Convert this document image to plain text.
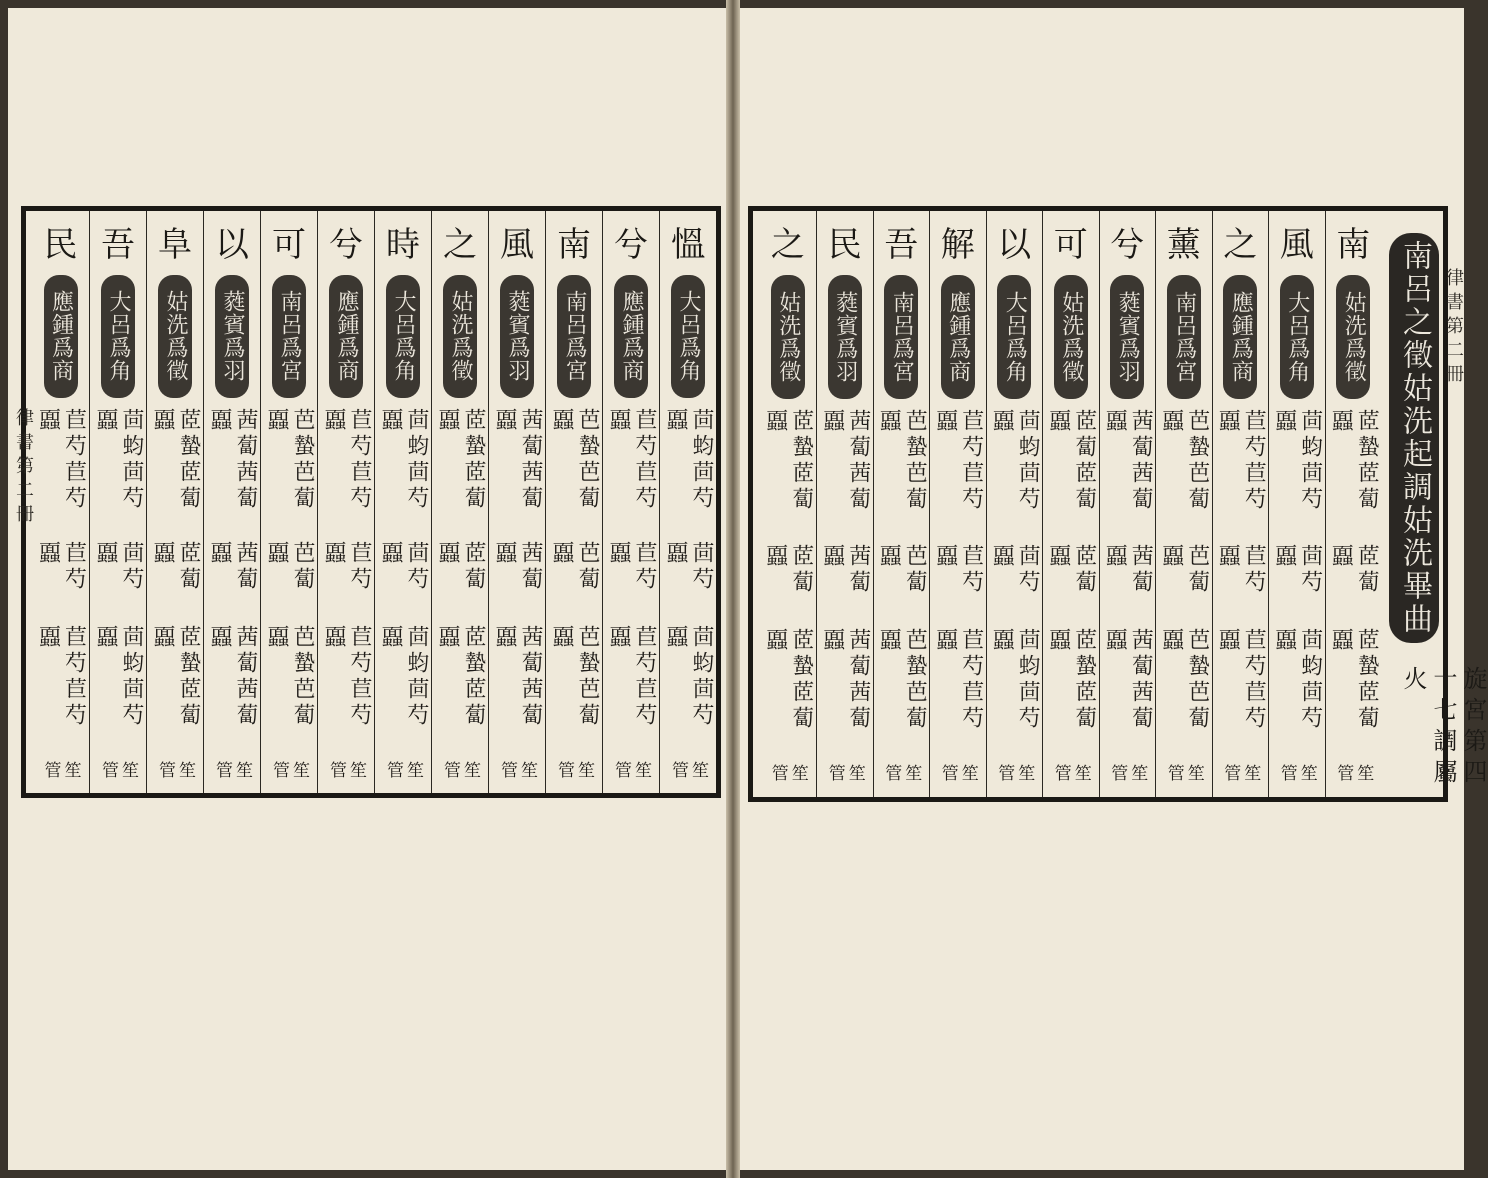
慍
大呂爲角
茴蚐茴芍蠠
茴芍蠠
茴蚐茴芍蠠
笙管
兮
應鍾爲商
苣芍苣芍蠠
苣芍蠠
苣芍苣芍蠠
笙管
南
南呂爲宮
芭蟄芭蔔蠠
芭蔔蠠
芭蟄芭蔔蠠
笙管
風
蕤賓爲羽
茜蔔茜蔔蠠
茜蔔蠠
茜蔔茜蔔蠠
笙管
之
姑洗爲徵
茝蟄茝蔔蠠
茝蔔蠠
茝蟄茝蔔蠠
笙管
時
大呂爲角
茴蚐茴芍蠠
茴芍蠠
茴蚐茴芍蠠
笙管
兮
應鍾爲商
苣芍苣芍蠠
苣芍蠠
苣芍苣芍蠠
笙管
可
南呂爲宮
芭蟄芭蔔蠠
芭蔔蠠
芭蟄芭蔔蠠
笙管
以
蕤賓爲羽
茜蔔茜蔔蠠
茜蔔蠠
茜蔔茜蔔蠠
笙管
阜
姑洗爲徵
茝蟄茝蔔蠠
茝蔔蠠
茝蟄茝蔔蠠
笙管
吾
大呂爲角
茴蚐茴芍蠠
茴芍蠠
茴蚐茴芍蠠
笙管
民
應鍾爲商
苣芍苣芍蠠
苣芍蠠
苣芍苣芍蠠
笙管
律書第二冊
南
姑洗爲徵
茝蟄茝蔔蠠
茝蔔蠠
茝蟄茝蔔蠠
笙管
風
大呂爲角
茴蚐茴芍蠠
茴芍蠠
茴蚐茴芍蠠
笙管
之
應鍾爲商
苣芍苣芍蠠
苣芍蠠
苣芍苣芍蠠
笙管
薰
南呂爲宮
芭蟄芭蔔蠠
芭蔔蠠
芭蟄芭蔔蠠
笙管
兮
蕤賓爲羽
茜蔔茜蔔蠠
茜蔔蠠
茜蔔茜蔔蠠
笙管
可
姑洗爲徵
茝蔔茝蔔蠠
茝蔔蠠
茝蟄茝蔔蠠
笙管
以
大呂爲角
茴蚐茴芍蠠
茴芍蠠
茴蚐茴芍蠠
笙管
解
應鍾爲商
苣芍苣芍蠠
苣芍蠠
苣芍苣芍蠠
笙管
吾
南呂爲宮
芭蟄芭蔔蠠
芭蔔蠠
芭蟄芭蔔蠠
笙管
民
蕤賓爲羽
茜蔔茜蔔蠠
茜蔔蠠
茜蔔茜蔔蠠
笙管
之
姑洗爲徵
茝蟄茝蔔蠠
茝蔔蠠
茝蟄茝蔔蠠
笙管
南呂之徵姑洗起調姑洗畢曲
旋宮第四十七調屬火
律書第二冊
